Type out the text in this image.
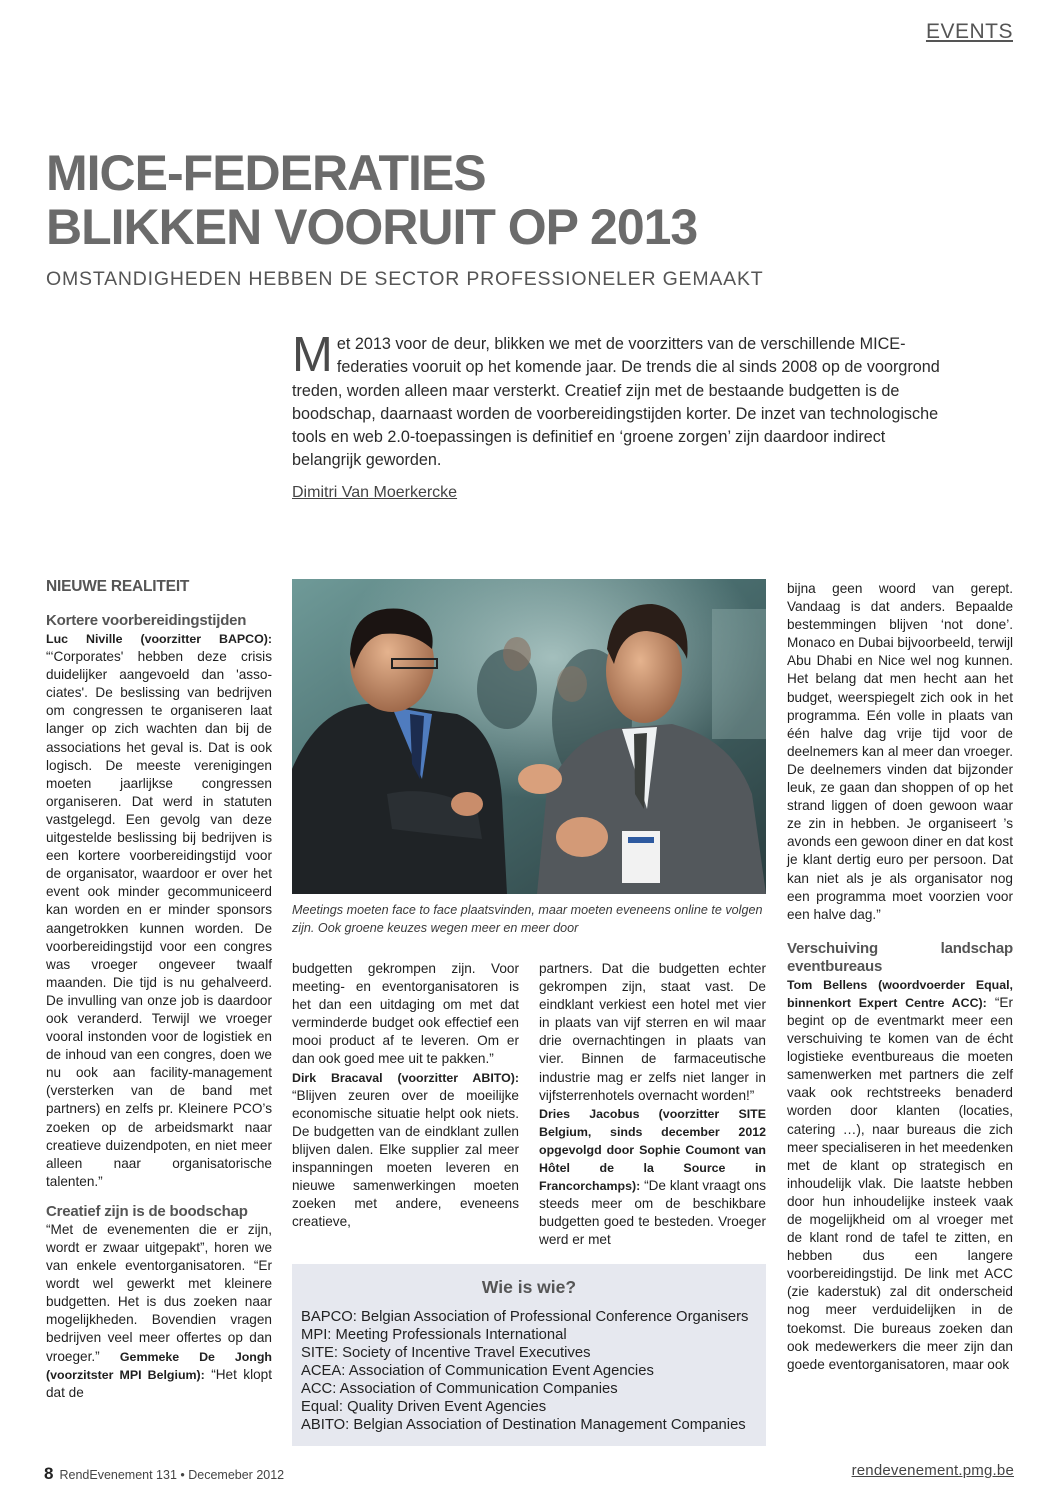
EVENTS
MICE-FEDERATIES
BLIKKEN VOORUIT OP 2013
OMSTANDIGHEDEN HEBBEN DE SECTOR PROFESSIONELER GEMAAKT
Met 2013 voor de deur, blikken we met de voorzitters van de verschillende MICE-federaties vooruit op het komende jaar. De trends die al sinds 2008 op de voorgrond treden, worden alleen maar versterkt. Creatief zijn met de bestaande budgetten is de boodschap, daarnaast worden de voorbereidingstijden korter. De inzet van technologische tools en web 2.0-toepassingen is definitief en ‘groene zorgen’ zijn daardoor indirect belangrijk geworden.
Dimitri Van Moerkercke

NIEUWE REALITEIT

Kortere voorbereidingstijden

Luc Niville (voorzitter BAPCO): “‘Corporates' hebben deze crisis duidelijker aangevoeld dan 'associates'. De beslissing van bedrijven om congressen te organiseren laat langer op zich wachten dan bij de associations het geval is. Dat is ook logisch. De meeste verenigingen moeten jaarlijkse congressen organiseren. Dat werd in statuten vastgelegd. Een gevolg van deze uitgestelde beslissing bij bedrijven is een kortere voorbereidingstijd voor de organisator, waardoor er over het event ook minder gecommuniceerd kan worden en er minder sponsors aangetrokken kunnen worden. De voorbereidingstijd voor een congres was vroeger ongeveer twaalf maanden. Die tijd is nu gehalveerd. De invulling van onze job is daardoor ook veranderd. Terwijl we vroeger vooral instonden voor de logistiek en de inhoud van een congres, doen we nu ook aan facility-management (versterken van de band met partners) en zelfs pr. Kleinere PCO’s zoeken op de arbeidsmarkt naar creatieve duizendpoten, en niet meer alleen naar organisatorische talenten.”

Creatief zijn is de boodschap

“Met de evenementen die er zijn, wordt er zwaar uitgepakt”, horen we van enkele eventorganisatoren. “Er wordt wel gewerkt met kleinere budgetten. Het is dus zoeken naar mogelijkheden. Bovendien vragen bedrijven veel meer offertes op dan vroeger.” Gemmeke De Jongh (voorzitster MPI Belgium): “Het klopt dat de

Meetings moeten face to face plaatsvinden, maar moeten eveneens online te volgen zijn. Ook groene keuzes wegen meer en meer door

budgetten gekrompen zijn. Voor meeting- en eventorganisatoren is het dan een uitdaging om met dat verminderde budget ook effectief een mooi product af te leveren. Om er dan ook goed mee uit te pakken.”

Dirk Bracaval (voorzitter ABITO): “Blijven zeuren over de moeilijke economische situatie helpt ook niets. De budgetten van de eindklant zullen blijven dalen. Elke supplier zal meer inspanningen moeten leveren en nieuwe samenwerkingen moeten zoeken met andere, eveneens creatieve,

partners. Dat die budgetten echter gekrompen zijn, staat vast. De eindklant verkiest een hotel met vier in plaats van vijf sterren en wil maar drie overnachtingen in plaats van vier. Binnen de farmaceutische industrie mag er zelfs niet langer in vijfsterrenhotels overnacht worden!”

Dries Jacobus (voorzitter SITE Belgium, sinds december 2012 opgevolgd door Sophie Coumont van Hôtel de la Source in Francorchamps): “De klant vraagt ons steeds meer om de beschikbare budgetten goed te besteden. Vroeger werd er met

bijna geen woord van gerept. Vandaag is dat anders. Bepaalde bestemmingen blijven ‘not done’. Monaco en Dubai bijvoorbeeld, terwijl Abu Dhabi en Nice wel nog kunnen. Het belang dat men hecht aan het budget, weerspiegelt zich ook in het programma. Eén volle in plaats van één halve dag vrije tijd voor de deelnemers kan al meer dan vroeger. De deelnemers vinden dat bijzonder leuk, ze gaan dan shoppen of op het strand liggen of doen gewoon waar ze zin in hebben. Je organiseert ’s avonds een gewoon diner en dat kost je klant dertig euro per persoon. Dat kan niet als je als organisator nog een programma moet voorzien voor een halve dag.”

Verschuiving landschap eventbureaus

Tom Bellens (woordvoerder Equal, binnenkort Expert Centre ACC): “Er begint op de eventmarkt meer een verschuiving te komen van de écht logistieke eventbureaus die moeten samenwerken met partners die zelf vaak ook rechtstreeks benaderd worden door klanten (locaties, catering …), naar bureaus die zich meer specialiseren in het meedenken met de klant op strategisch en inhoudelijk vlak. Die laatste hebben door hun inhoudelijke insteek vaak de mogelijkheid om al vroeger met de klant rond de tafel te zitten, en hebben dus een langere voorbereidingstijd. De link met ACC (zie kaderstuk) zal dit onderscheid nog meer verduidelijken in de toekomst. Die bureaus zoeken dan ook medewerkers die meer zijn dan goede eventorganisatoren, maar ook

Wie is wie?
BAPCO: Belgian Association of Professional Conference Organisers
MPI: Meeting Professionals International
SITE: Society of Incentive Travel Executives
ACEA: Association of Communication Event Agencies
ACC: Association of Communication Companies
Equal: Quality Driven Event Agencies
ABITO: Belgian Association of Destination Management Companies
8 RendEvenement 131 • Decemeber 2012	rendevenement.pmg.be
